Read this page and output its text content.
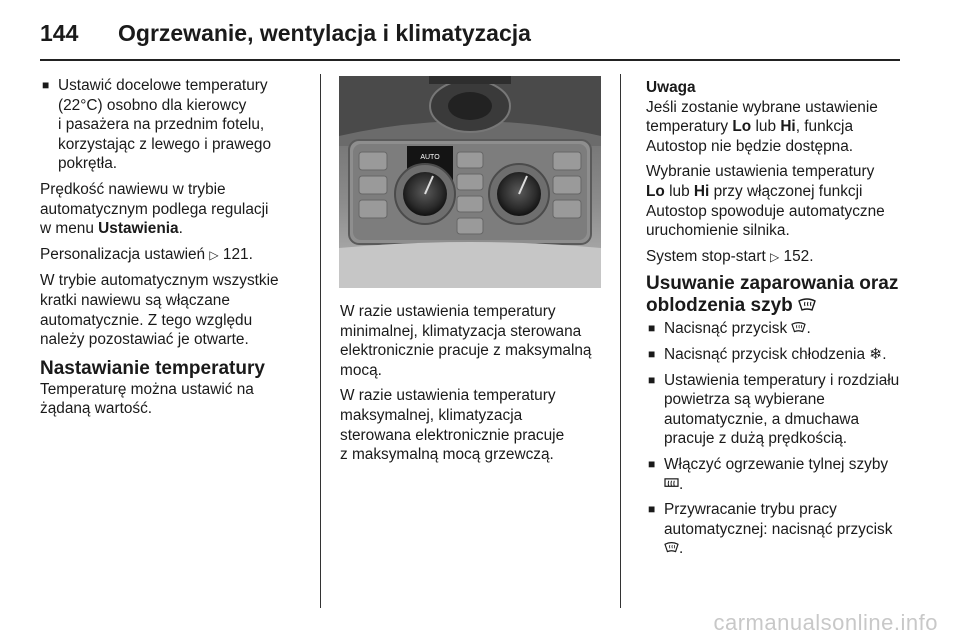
144 Ogrzewanie, wentylacja i klimatyzacja
■ Ustawić docelowe temperatury
(22°C) osobno dla kierowcy
i pasażera na przednim fotelu,
korzystając z lewego i prawego
pokrętła.

Prędkość nawiewu w trybie
automatycznym podlega regulacji
w menu Ustawienia.

Personalizacja ustawień ▷ 121.

W trybie automatycznym wszystkie
kratki nawiewu są włączane
automatycznie. Z tego względu
należy pozostawiać je otwarte.

Nastawianie temperatury

Temperaturę można ustawić na
żądaną wartość.

AUTO

W razie ustawienia temperatury
minimalnej, klimatyzacja sterowana
elektronicznie pracuje z maksymalną
mocą.

W razie ustawienia temperatury
maksymalnej, klimatyzacja
sterowana elektronicznie pracuje
z maksymalną mocą grzewczą.

Uwaga

Jeśli zostanie wybrane ustawienie
temperatury Lo lub Hi, funkcja
Autostop nie będzie dostępna.

Wybranie ustawienia temperatury
Lo lub Hi przy włączonej funkcji
Autostop spowoduje automatyczne
uruchomienie silnika.

System stop-start ▷ 152.

Usuwanie zaparowania oraz
oblodzenia szyb
■ Nacisnąć przycisk .
■ Nacisnąć przycisk chłodzenia ❄.
■ Ustawienia temperatury i rozdziału
powietrza są wybierane
automatycznie, a dmuchawa
pracuje z dużą prędkością.
■ Włączyć ogrzewanie tylnej szyby
.
■ Przywracanie trybu pracy
automatycznej: nacisnąć przycisk
.
carmanualsonline.info
